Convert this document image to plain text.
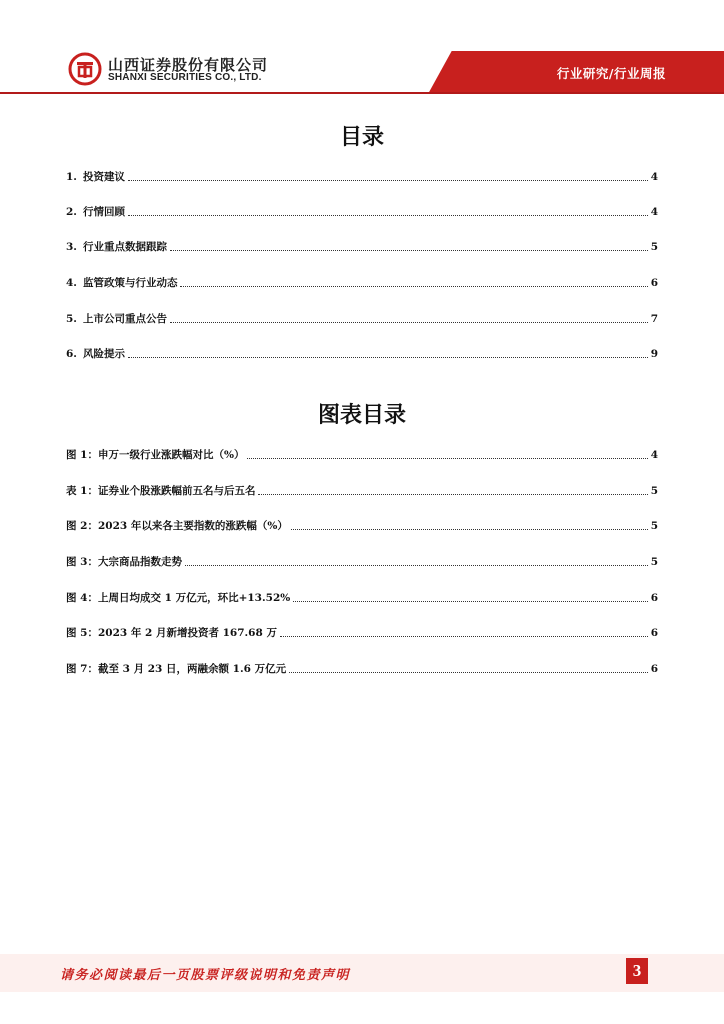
山西证券股份有限公司
SHANXI SECURITIES CO., LTD.	行业研究/行业周报
目录
1. 投资建议	4
2. 行情回顾	4
3. 行业重点数据跟踪	5
4. 监管政策与行业动态	6
5. 上市公司重点公告	7
6. 风险提示	9
图表目录
图 1：申万一级行业涨跌幅对比（%）	4
表 1：证券业个股涨跌幅前五名与后五名	5
图 2：2023 年以来各主要指数的涨跌幅（%）	5
图 3：大宗商品指数走势	5
图 4：上周日均成交 1 万亿元，环比+13.52%	6
图 5：2023 年 2 月新增投资者 167.68 万	6
图 7：截至 3 月 23 日，两融余额 1.6 万亿元	6
请务必阅读最后一页股票评级说明和免责声明	3
